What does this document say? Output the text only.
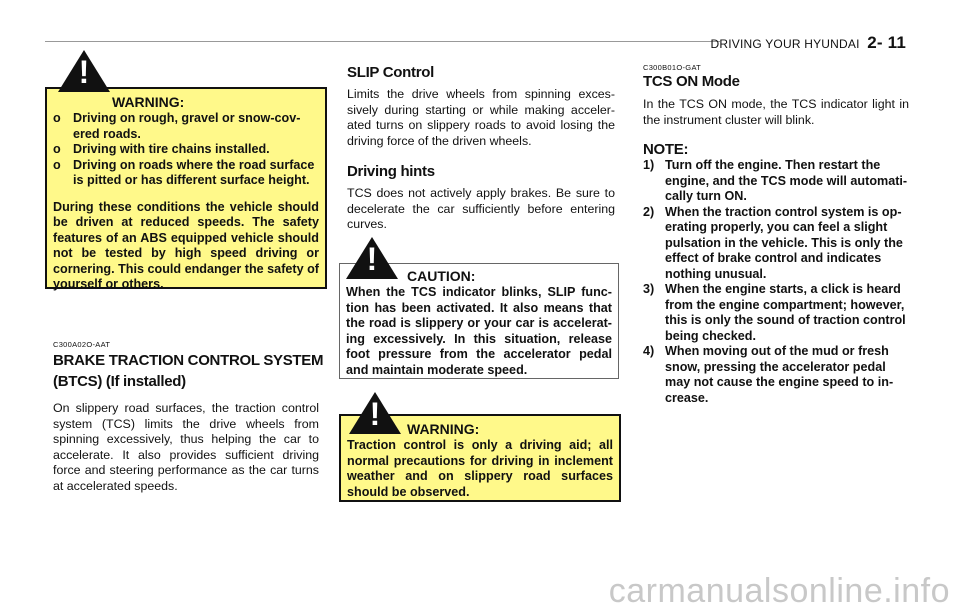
DRIVING YOUR HYUNDAI 2- 11
!
WARNING:
o Driving on rough, gravel or snow-cov-ered roads.
o Driving with tire chains installed.
o Driving on roads where the road surface is pitted or has different surface height.
During these conditions the vehicle should be driven at reduced speeds. The safety features of an ABS equipped vehicle should not be tested by high speed driving or cornering. This could endanger the safety of yourself or others.
C300A02O-AAT
BRAKE TRACTION CONTROL SYSTEM
(BTCS) (If installed)
On slippery road surfaces, the traction control system (TCS) limits the drive wheels from spinning excessively, thus helping the car to accelerate. It also provides sufficient driving force and steering performance as the car turns at accelerated speeds.
SLIP Control
Limits the drive wheels from spinning exces-sively during starting or while making acceler-ated turns on slippery roads to avoid losing the driving force of the driven wheels.
Driving hints
TCS does not actively apply brakes. Be sure to decelerate the car sufficiently before entering curves.
! CAUTION:
When the TCS indicator blinks, SLIP func-tion has been activated. It also means that the road is slippery or your car is accelerat-ing excessively. In this situation, release foot pressure from the accelerator pedal and maintain moderate speed.
! WARNING:
Traction control is only a driving aid; all normal precautions for driving in inclement weather and on slippery road surfaces should be observed.
C300B01O-GAT
TCS ON Mode
In the TCS ON mode, the TCS indicator light in the instrument cluster will blink.
NOTE:
1) Turn off the engine. Then restart the engine, and the TCS mode will automati-cally turn ON.
2) When the traction control system is op-erating properly, you can feel a slight pulsation in the vehicle. This is only the effect of brake control and indicates nothing unusual.
3) When the engine starts, a click is heard from the engine compartment; however, this is only the sound of traction control being checked.
4) When moving out of the mud or fresh snow, pressing the accelerator pedal may not cause the engine speed to in-crease.
carmanualsonline.info
